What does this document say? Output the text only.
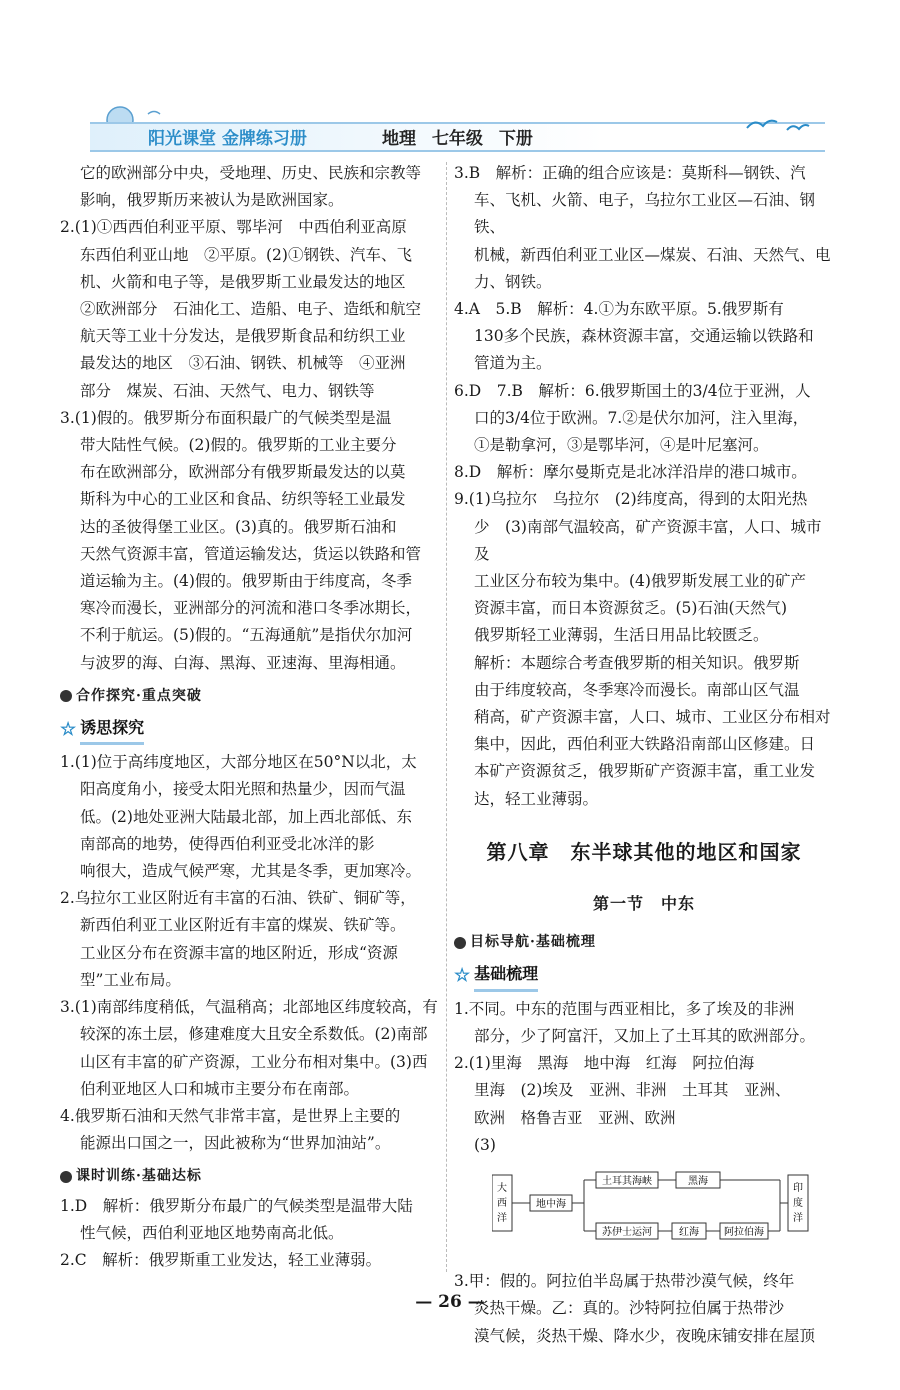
阳光课堂 金牌练习册	地理 七年级 下册

它的欧洲部分中央，受地理、历史、民族和宗教等

影响，俄罗斯历来被认为是欧洲国家。

2.(1)①西西伯利亚平原、鄂毕河　中西伯利亚高原

东西伯利亚山地　②平原。(2)①钢铁、汽车、飞

机、火箭和电子等，是俄罗斯工业最发达的地区

②欧洲部分　石油化工、造船、电子、造纸和航空

航天等工业十分发达，是俄罗斯食品和纺织工业

最发达的地区　③石油、钢铁、机械等　④亚洲

部分　煤炭、石油、天然气、电力、钢铁等

3.(1)假的。俄罗斯分布面积最广的气候类型是温

带大陆性气候。(2)假的。俄罗斯的工业主要分

布在欧洲部分，欧洲部分有俄罗斯最发达的以莫

斯科为中心的工业区和食品、纺织等轻工业最发

达的圣彼得堡工业区。(3)真的。俄罗斯石油和

天然气资源丰富，管道运输发达，货运以铁路和管

道运输为主。(4)假的。俄罗斯由于纬度高，冬季

寒冷而漫长，亚洲部分的河流和港口冬季冰期长，

不利于航运。(5)假的。“五海通航”是指伏尔加河

与波罗的海、白海、黑海、亚速海、里海相通。

合作探究·重点突破
☆ 诱思探究

1.(1)位于高纬度地区，大部分地区在50°N以北，太

阳高度角小，接受太阳光照和热量少，因而气温

低。(2)地处亚洲大陆最北部，加上西北部低、东

南部高的地势，使得西伯利亚受北冰洋的影

响很大，造成气候严寒，尤其是冬季，更加寒冷。

2.乌拉尔工业区附近有丰富的石油、铁矿、铜矿等，

新西伯利亚工业区附近有丰富的煤炭、铁矿等。

工业区分布在资源丰富的地区附近，形成“资源

型”工业布局。

3.(1)南部纬度稍低，气温稍高；北部地区纬度较高，有

较深的冻土层，修建难度大且安全系数低。(2)南部

山区有丰富的矿产资源，工业分布相对集中。(3)西

伯利亚地区人口和城市主要分布在南部。

4.俄罗斯石油和天然气非常丰富，是世界上主要的

能源出口国之一，因此被称为“世界加油站”。

课时训练·基础达标

1.D　解析：俄罗斯分布最广的气候类型是温带大陆

性气候，西伯利亚地区地势南高北低。

2.C　解析：俄罗斯重工业发达，轻工业薄弱。

3.B　解析：正确的组合应该是：莫斯科—钢铁、汽

车、飞机、火箭、电子，乌拉尔工业区—石油、钢铁、

机械，新西伯利亚工业区—煤炭、石油、天然气、电

力、钢铁。

4.A　5.B　解析：4.①为东欧平原。5.俄罗斯有

130多个民族，森林资源丰富，交通运输以铁路和

管道为主。

6.D　7.B　解析：6.俄罗斯国土的3/4位于亚洲，人

口的3/4位于欧洲。7.②是伏尔加河，注入里海，

①是勒拿河，③是鄂毕河，④是叶尼塞河。

8.D　解析：摩尔曼斯克是北冰洋沿岸的港口城市。

9.(1)乌拉尔　乌拉尔　(2)纬度高，得到的太阳光热

少　(3)南部气温较高，矿产资源丰富，人口、城市及

工业区分布较为集中。(4)俄罗斯发展工业的矿产

资源丰富，而日本资源贫乏。(5)石油(天然气)

俄罗斯轻工业薄弱，生活日用品比较匮乏。

解析：本题综合考查俄罗斯的相关知识。俄罗斯

由于纬度较高，冬季寒冷而漫长。南部山区气温

稍高，矿产资源丰富，人口、城市、工业区分布相对

集中，因此，西伯利亚大铁路沿南部山区修建。日

本矿产资源贫乏，俄罗斯矿产资源丰富，重工业发

达，轻工业薄弱。

第八章　东半球其他的地区和国家
第一节　中东
目标导航·基础梳理
☆ 基础梳理

1.不同。中东的范围与西亚相比，多了埃及的非洲

部分，少了阿富汗，又加上了土耳其的欧洲部分。

2.(1)里海　黑海　地中海　红海　阿拉伯海

里海　(2)埃及　亚洲、非洲　土耳其　亚洲、

欧洲　格鲁吉亚　亚洲、欧洲

(3)

大
西
洋
地中海
土耳其海峡	黑海
苏伊士运河	红海	阿拉伯海
印
度
洋

3.甲：假的。阿拉伯半岛属于热带沙漠气候，终年

炎热干燥。乙：真的。沙特阿拉伯属于热带沙

漠气候，炎热干燥、降水少，夜晚床铺安排在屋顶

— 26 —
